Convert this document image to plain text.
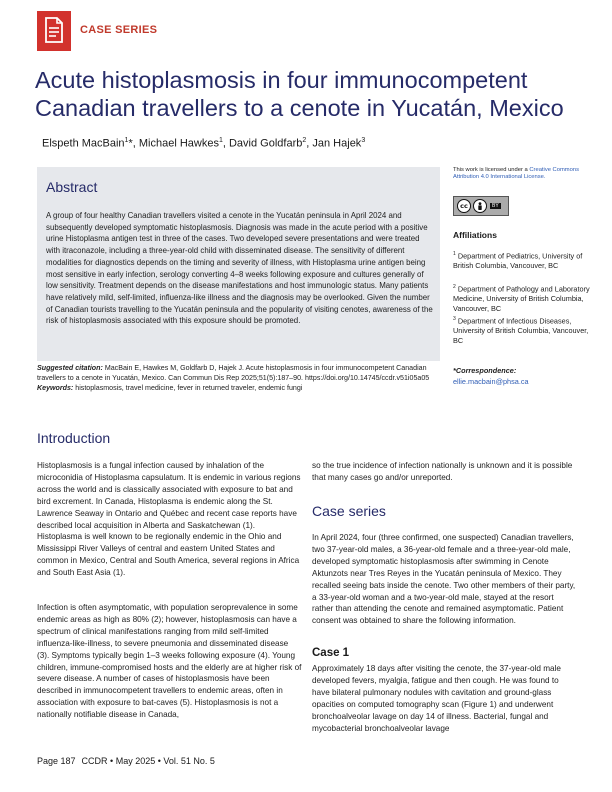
CASE SERIES
Acute histoplasmosis in four immunocompetent Canadian travellers to a cenote in Yucatán, Mexico
Elspeth MacBain$^1$*, Michael Hawkes$^1$, David Goldfarb$^2$, Jan Hajek$^3$
Abstract

A group of four healthy Canadian travellers visited a cenote in the Yucatán peninsula in April 2024 and subsequently developed symptomatic histoplasmosis. Diagnosis was made in the acute period with a positive urine Histoplasma antigen test in three of the cases. Two developed severe presentations and were treated with itraconazole, including a three-year-old child with disseminated disease. The sensitivity of different modalities for diagnostics depends on the timing and severity of illness, with Histoplasma urine antigen being most sensitive in early infection, serology converting 4–8 weeks following exposure and cultures generally of low sensitivity. Treatment depends on the disease manifestations and host immunologic status. Many patients have relatively mild, self-limited, influenza-like illness and the diagnosis may be overlooked. Given the number of Canadian tourists travelling to the Yucatán peninsula and the popularity of visiting cenotes, awareness of the risk of histoplasmosis associated with this exposure should be promoted.

This work is licensed under a Creative Commons Attribution 4.0 International License.
cc	BY
Affiliations
$^1$ Department of Pediatrics, University of British Columbia, Vancouver, BC
$^2$ Department of Pathology and Laboratory Medicine, University of British Columbia, Vancouver, BC
$^3$ Department of Infectious Diseases, University of British Columbia, Vancouver, BC
*Correspondence:
ellie.macbain@phsa.ca
Suggested citation: MacBain E, Hawkes M, Goldfarb D, Hajek J. Acute histoplasmosis in four immunocompetent Canadian travellers to a cenote in Yucatán, Mexico. Can Commun Dis Rep 2025;51(5):187–90. https://doi.org/10.14745/ccdr.v51i05a05
Keywords: histoplasmosis, travel medicine, fever in returned traveler, endemic fungi
Introduction

Histoplasmosis is a fungal infection caused by inhalation of the microconidia of Histoplasma capsulatum. It is endemic in various regions across the world and is classically associated with exposure to bat and bird excrement. In Canada, Histoplasma is endemic along the St. Lawrence Seaway in Ontario and Québec and recent case reports have described local acquisition in Alberta and Saskatchewan (1). Histoplasma is well known to be regionally endemic in the Ohio and Mississippi River Valleys of central and eastern United States and common in Mexico, Central and South America, several regions in Africa and South East Asia (1).

Infection is often asymptomatic, with population seroprevalence in some endemic areas as high as 80% (2); however, histoplasmosis can have a spectrum of clinical manifestations ranging from mild self-limited influenza-like-illness, to severe pneumonia and disseminated disease (3). Symptoms typically begin 1–3 weeks following exposure (4). Young children, immune-compromised hosts and the elderly are at higher risk of severe disease. A number of cases of histoplasmosis have been described in immunocompetent travellers to endemic areas, often in association with exposure to bat-caves (5). Histoplasmosis is not a nationally notifiable disease in Canada,

so the true incidence of infection nationally is unknown and it is possible that many cases go and/or unreported.

Case series

In April 2024, four (three confirmed, one suspected) Canadian travellers, two 37-year-old males, a 36-year-old female and a three-year-old male, developed symptomatic histoplasmosis after swimming in Cenote Aktunzots near Tres Reyes in the Yucatán peninsula of Mexico. They recalled seeing bats inside the cenote. Two other members of their party, a 33-year-old woman and a two-year-old male, stayed at the resort rather than attending the cenote and remained asymptomatic. Patient consent was obtained to share the following information.

Case 1

Approximately 18 days after visiting the cenote, the 37-year-old male developed fevers, myalgia, fatigue and then cough. He was found to have bilateral pulmonary nodules with cavitation and ground-glass opacities on computed tomography scan (Figure 1) and underwent bronchoalveolar lavage on day 14 of illness. Bacterial, fungal and mycobacterial bronchoalveolar lavage

Page 187 CCDR • May 2025 • Vol. 51 No. 5
